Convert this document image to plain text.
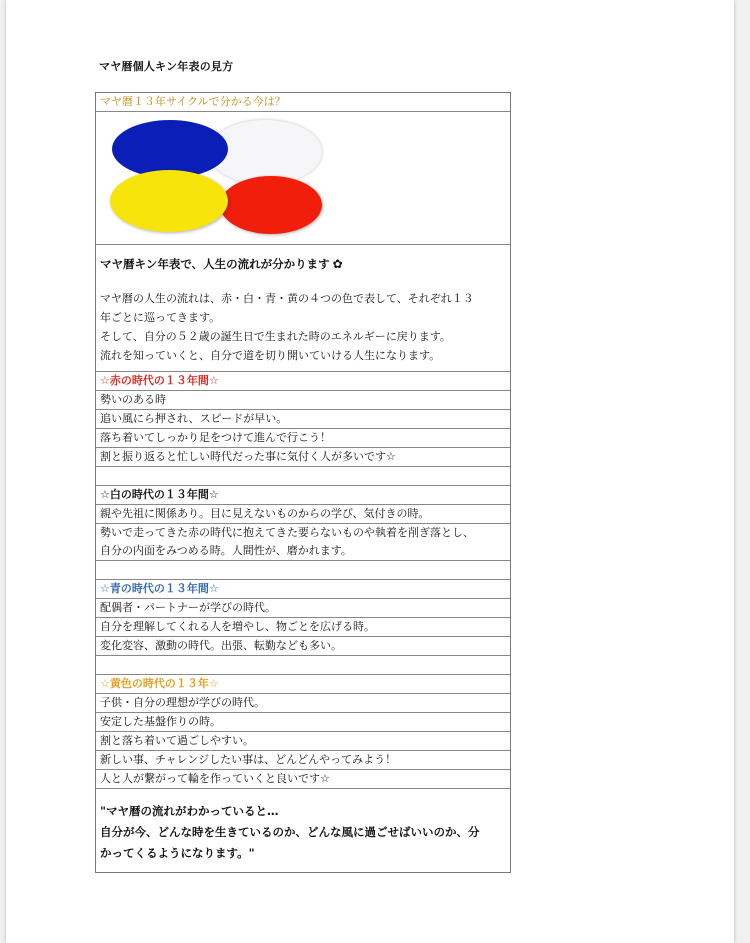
マヤ暦個人キン年表の見方
マヤ暦１３年サイクルで分かる今は？
マヤ暦キン年表で、人生の流れが分かります ✿

マヤ暦の人生の流れは、赤・白・青・黄の４つの色で表して、それぞれ１３

年ごとに巡ってきます。

そして、自分の５２歳の誕生日で生まれた時のエネルギーに戻ります。

流れを知っていくと、自分で道を切り開いていける人生になります。

☆赤の時代の１３年間☆
勢いのある時
追い風にら押され、スピードが早い。
落ち着いてしっかり足をつけて進んで行こう！
割と振り返ると忙しい時代だった事に気付く人が多いです☆
☆白の時代の１３年間☆
親や先祖に関係あり。目に見えないものからの学び、気付きの時。
勢いで走ってきた赤の時代に抱えてきた要らないものや執着を削ぎ落とし、
自分の内面をみつめる時。人間性が、磨かれます。
☆青の時代の１３年間☆
配偶者・パートナーが学びの時代。
自分を理解してくれる人を増やし、物ごとを広げる時。
変化変容、激動の時代。出張、転勤なども多い。
☆黄色の時代の１３年☆
子供・自分の理想が学びの時代。
安定した基盤作りの時。
割と落ち着いて過ごしやすい。
新しい事、チャレンジしたい事は、どんどんやってみよう！
人と人が繋がって輪を作っていくと良いです☆
"マヤ暦の流れがわかっていると…
自分が今、どんな時を生きているのか、どんな風に過ごせばいいのか、分
かってくるようになります。"
